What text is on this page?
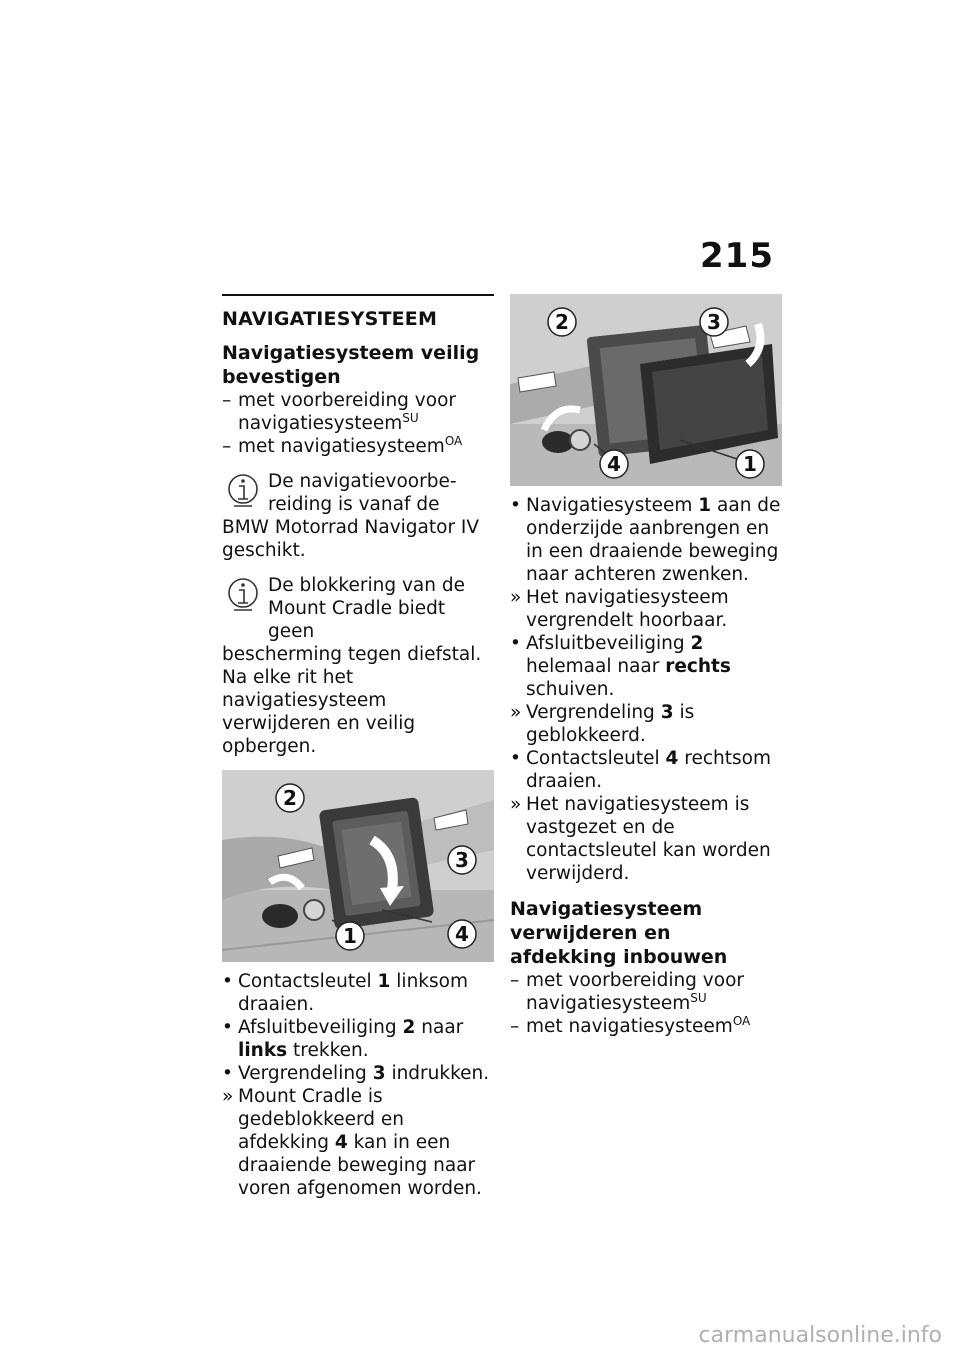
215
NAVIGATIESYSTEEM
Navigatiesysteem veilig bevestigen

– met voorbereiding voor navigatiesysteem$^{SU}$

– met navigatiesysteem$^{OA}$

De navigatievoorbe-
reiding is vanaf de
BMW Motorrad Navigator IV geschikt.
De blokkering van de
Mount Cradle biedt geen
bescherming tegen diefstal. Na elke rit het navigatiesysteem verwijderen en veilig opbergen.
2
3
1	4

• Contactsleutel 1 linksom draaien.

• Afsluitbeveiliging 2 naar links trekken.

• Vergrendeling 3 indrukken.

» Mount Cradle is gedeblokkeerd en afdekking 4 kan in een draaiende beweging naar voren afgenomen worden.

2	3
4	1

• Navigatiesysteem 1 aan de onderzijde aanbrengen en in een draaiende beweging naar achteren zwenken.

» Het navigatiesysteem vergrendelt hoorbaar.

• Afsluitbeveiliging 2 helemaal naar rechts schuiven.

» Vergrendeling 3 is geblokkeerd.

• Contactsleutel 4 rechtsom draaien.

» Het navigatiesysteem is vastgezet en de contactsleutel kan worden verwijderd.

Navigatiesysteem verwijderen en afdekking inbouwen

– met voorbereiding voor navigatiesysteem$^{SU}$

– met navigatiesysteem$^{OA}$

carmanualsonline.info
